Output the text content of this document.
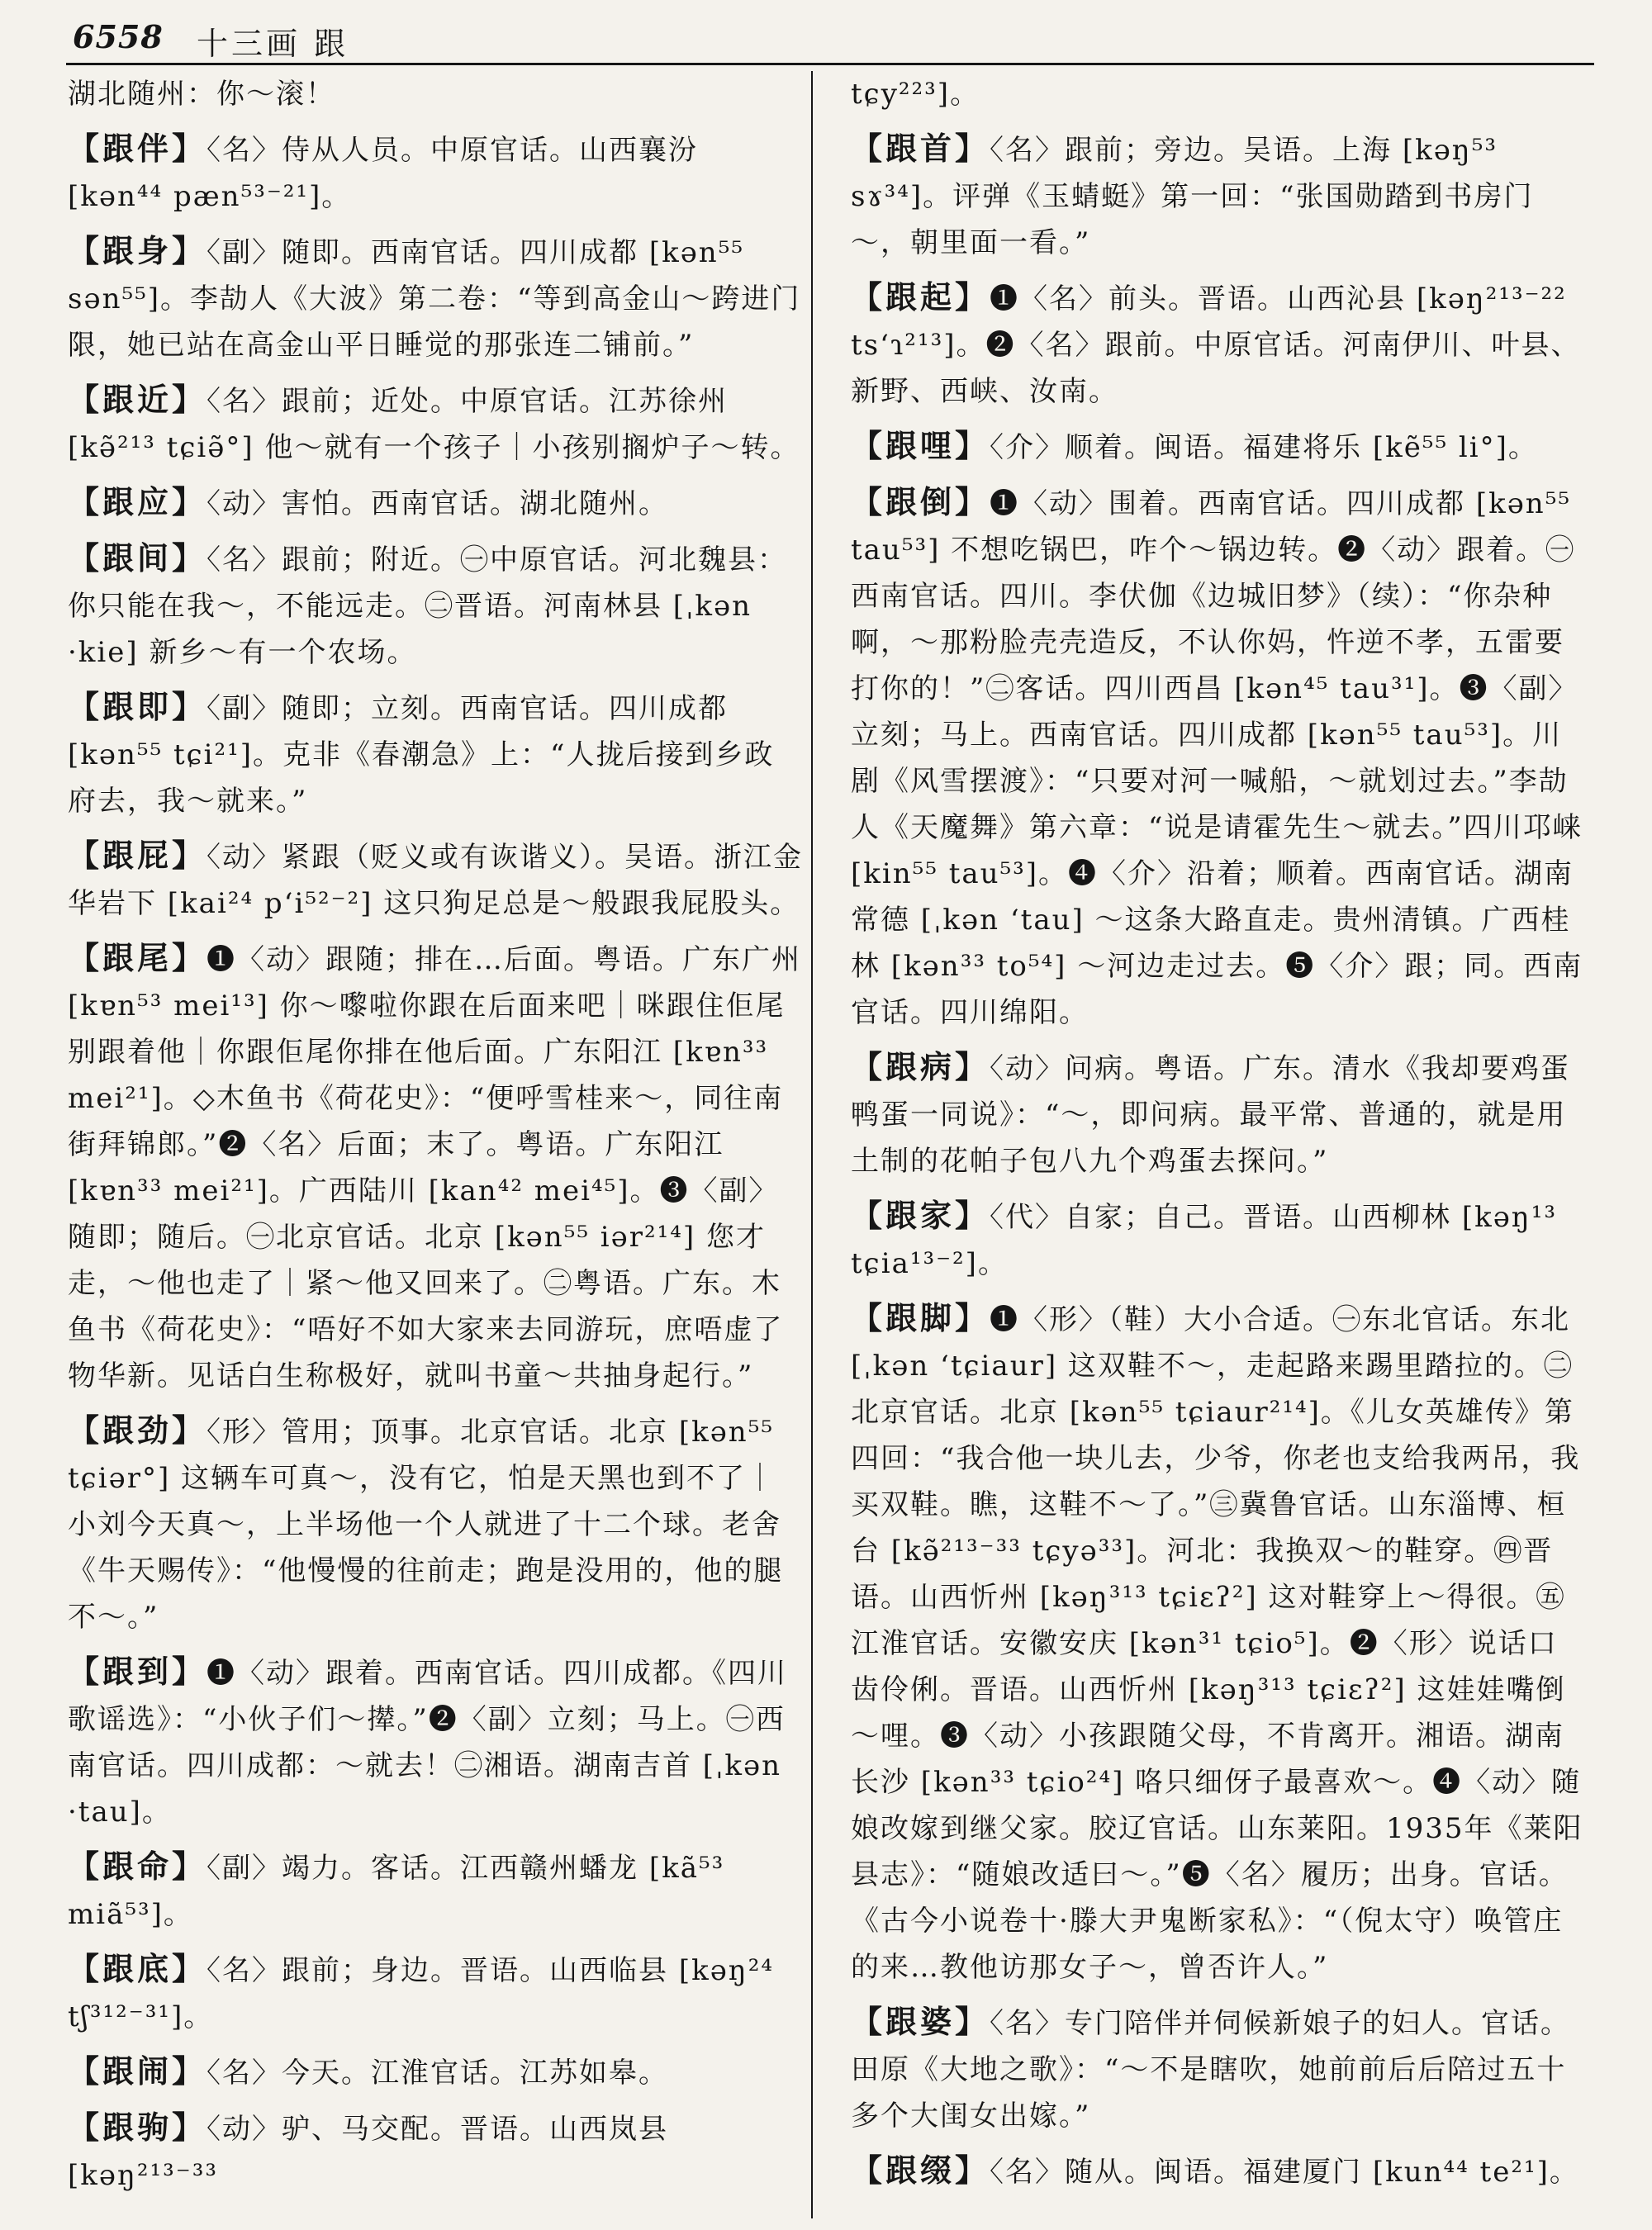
6558 十三画 跟
湖北随州：你～滚！
【跟伴】〈名〉侍从人员。中原官话。山西襄汾 [kən⁴⁴ pæn⁵³⁻²¹]。
【跟身】〈副〉随即。西南官话。四川成都 [kən⁵⁵ sən⁵⁵]。李劼人《大波》第二卷：“等到高金山～跨进门限，她已站在高金山平日睡觉的那张连二铺前。”
【跟近】〈名〉跟前；近处。中原官话。江苏徐州 [kə̃²¹³ tɕiə̃°] 他～就有一个孩子｜小孩别搁炉子～转。
【跟应】〈动〉害怕。西南官话。湖北随州。
【跟间】〈名〉跟前；附近。㊀中原官话。河北魏县：你只能在我～，不能远走。㊁晋语。河南林县 [ˌkən ·kie] 新乡～有一个农场。
【跟即】〈副〉随即；立刻。西南官话。四川成都 [kən⁵⁵ tɕi²¹]。克非《春潮急》上：“人拢后接到乡政府去，我～就来。”
【跟屁】〈动〉紧跟（贬义或有诙谐义）。吴语。浙江金华岩下 [kai²⁴ pʻi⁵²⁻²] 这只狗足总是～般跟我屁股头。
【跟尾】❶〈动〉跟随；排在…后面。粤语。广东广州 [kɐn⁵³ mei¹³] 你～嚟啦你跟在后面来吧｜咪跟住佢尾别跟着他｜你跟佢尾你排在他后面。广东阳江 [kɐn³³ mei²¹]。◇木鱼书《荷花史》：“便呼雪桂来～，同往南街拜锦郎。”❷〈名〉后面；末了。粤语。广东阳江 [kɐn³³ mei²¹]。广西陆川 [kan⁴² mei⁴⁵]。❸〈副〉随即；随后。㊀北京官话。北京 [kən⁵⁵ iər²¹⁴] 您才走，～他也走了｜紧～他又回来了。㊁粤语。广东。木鱼书《荷花史》：“唔好不如大家来去同游玩，庶唔虚了物华新。见话白生称极好，就叫书童～共抽身起行。”
【跟劲】〈形〉管用；顶事。北京官话。北京 [kən⁵⁵ tɕiər°] 这辆车可真～，没有它，怕是天黑也到不了｜小刘今天真～，上半场他一个人就进了十二个球。老舍《牛天赐传》：“他慢慢的往前走；跑是没用的，他的腿不～。”
【跟到】❶〈动〉跟着。西南官话。四川成都。《四川歌谣选》：“小伙子们～撵。”❷〈副〉立刻；马上。㊀西南官话。四川成都：～就去！㊁湘语。湖南吉首 [ˌkən ·tau]。
【跟命】〈副〉竭力。客话。江西赣州蟠龙 [kã⁵³ miã⁵³]。
【跟底】〈名〉跟前；身边。晋语。山西临县 [kəŋ²⁴ tʃ³¹²⁻³¹]。
【跟闹】〈名〉今天。江淮官话。江苏如皋。
【跟驹】〈动〉驴、马交配。晋语。山西岚县 [kəŋ²¹³⁻³³
tɕy²²³]。
【跟首】〈名〉跟前；旁边。吴语。上海 [kəŋ⁵³ sɤ³⁴]。评弹《玉蜻蜓》第一回：“张国勋踏到书房门～，朝里面一看。”
【跟起】❶〈名〉前头。晋语。山西沁县 [kəŋ²¹³⁻²² tsʻɿ²¹³]。❷〈名〉跟前。中原官话。河南伊川、叶县、新野、西峡、汝南。
【跟哩】〈介〉顺着。闽语。福建将乐 [kẽ⁵⁵ li°]。
【跟倒】❶〈动〉围着。西南官话。四川成都 [kən⁵⁵ tau⁵³] 不想吃锅巴，咋个～锅边转。❷〈动〉跟着。㊀西南官话。四川。李伏伽《边城旧梦》（续）：“你杂种啊，～那粉脸壳壳造反，不认你妈，忤逆不孝，五雷要打你的！”㊁客话。四川西昌 [kən⁴⁵ tau³¹]。❸〈副〉立刻；马上。西南官话。四川成都 [kən⁵⁵ tau⁵³]。川剧《风雪摆渡》：“只要对河一喊船，～就划过去。”李劼人《天魔舞》第六章：“说是请霍先生～就去。”四川邛崃 [kin⁵⁵ tau⁵³]。❹〈介〉沿着；顺着。西南官话。湖南常德 [ˌkən ʻtau] ～这条大路直走。贵州清镇。广西桂林 [kən³³ to⁵⁴] ～河边走过去。❺〈介〉跟；同。西南官话。四川绵阳。
【跟病】〈动〉问病。粤语。广东。清水《我却要鸡蛋鸭蛋一同说》：“～，即问病。最平常、普通的，就是用土制的花帕子包八九个鸡蛋去探问。”
【跟家】〈代〉自家；自己。晋语。山西柳林 [kəŋ¹³ tɕia¹³⁻²]。
【跟脚】❶〈形〉（鞋）大小合适。㊀东北官话。东北 [ˌkən ʻtɕiaur] 这双鞋不～，走起路来踢里踏拉的。㊁北京官话。北京 [kən⁵⁵ tɕiaur²¹⁴]。《儿女英雄传》第四回：“我合他一块儿去，少爷，你老也支给我两吊，我买双鞋。瞧，这鞋不～了。”㊂冀鲁官话。山东淄博、桓台 [kə̃²¹³⁻³³ tɕyə³³]。河北：我换双～的鞋穿。㊃晋语。山西忻州 [kəŋ³¹³ tɕiɛʔ²] 这对鞋穿上～得很。㊄江淮官话。安徽安庆 [kən³¹ tɕio⁵]。❷〈形〉说话口齿伶俐。晋语。山西忻州 [kəŋ³¹³ tɕiɛʔ²] 这娃娃嘴倒～哩。❸〈动〉小孩跟随父母，不肯离开。湘语。湖南长沙 [kən³³ tɕio²⁴] 咯只细伢子最喜欢～。❹〈动〉随娘改嫁到继父家。胶辽官话。山东莱阳。1935年《莱阳县志》：“随娘改适曰～。”❺〈名〉履历；出身。官话。《古今小说卷十·滕大尹鬼断家私》：“（倪太守）唤管庄的来…教他访那女子～，曾否许人。”
【跟婆】〈名〉专门陪伴并伺候新娘子的妇人。官话。田原《大地之歌》：“～不是瞎吹，她前前后后陪过五十多个大闺女出嫁。”
【跟缀】〈名〉随从。闽语。福建厦门 [kun⁴⁴ te²¹]。
